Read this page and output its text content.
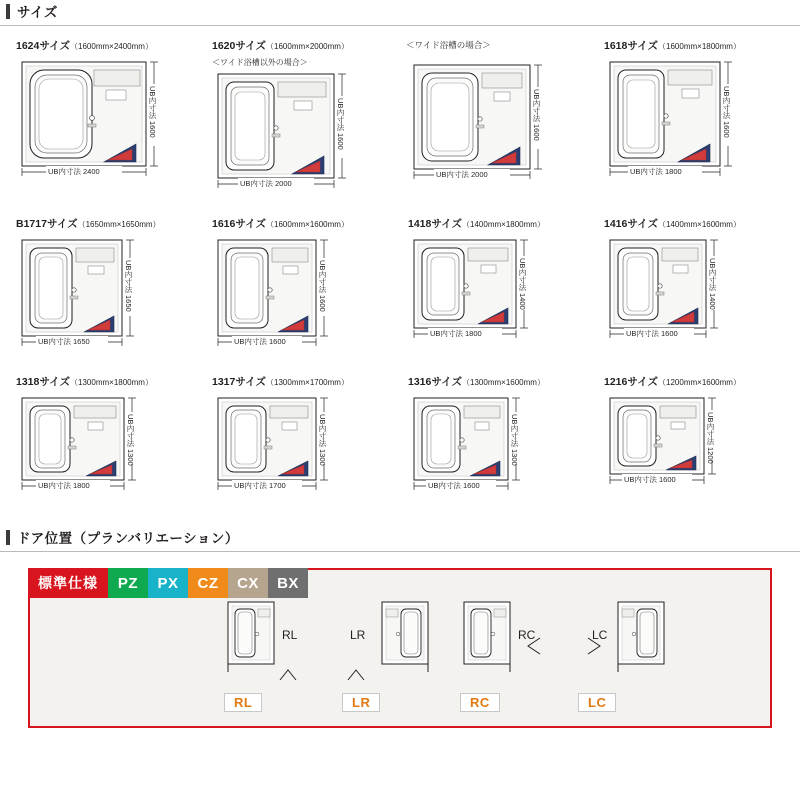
サイズ
1624サイズ（1600mm×2400mm）
UB内寸法 2400
UB内寸法 1600
1620サイズ（1600mm×2000mm）
＜ワイド浴槽以外の場合＞
UB内寸法 2000
UB内寸法 1600
＜ワイド浴槽の場合＞
UB内寸法 2000
UB内寸法 1600
1618サイズ（1600mm×1800mm）
UB内寸法 1800
UB内寸法 1600
B1717サイズ（1650mm×1650mm）
UB内寸法 1650
UB内寸法 1650
1616サイズ（1600mm×1600mm）
UB内寸法 1600
UB内寸法 1600
1418サイズ（1400mm×1800mm）
UB内寸法 1800
UB内寸法 1400
1416サイズ（1400mm×1600mm）
UB内寸法 1600
UB内寸法 1400
1318サイズ（1300mm×1800mm）
UB内寸法 1800
UB内寸法 1300
1317サイズ（1300mm×1700mm）
UB内寸法 1700
UB内寸法 1300
1316サイズ（1300mm×1600mm）
UB内寸法 1600
UB内寸法 1300
1216サイズ（1200mm×1600mm）
UB内寸法 1600
UB内寸法 1200
ドア位置（プランバリエーション）
標準仕様	PZ	PX	CZ	CX	BX
RL
RL
LR
LR
RC
RC
LC
LC
